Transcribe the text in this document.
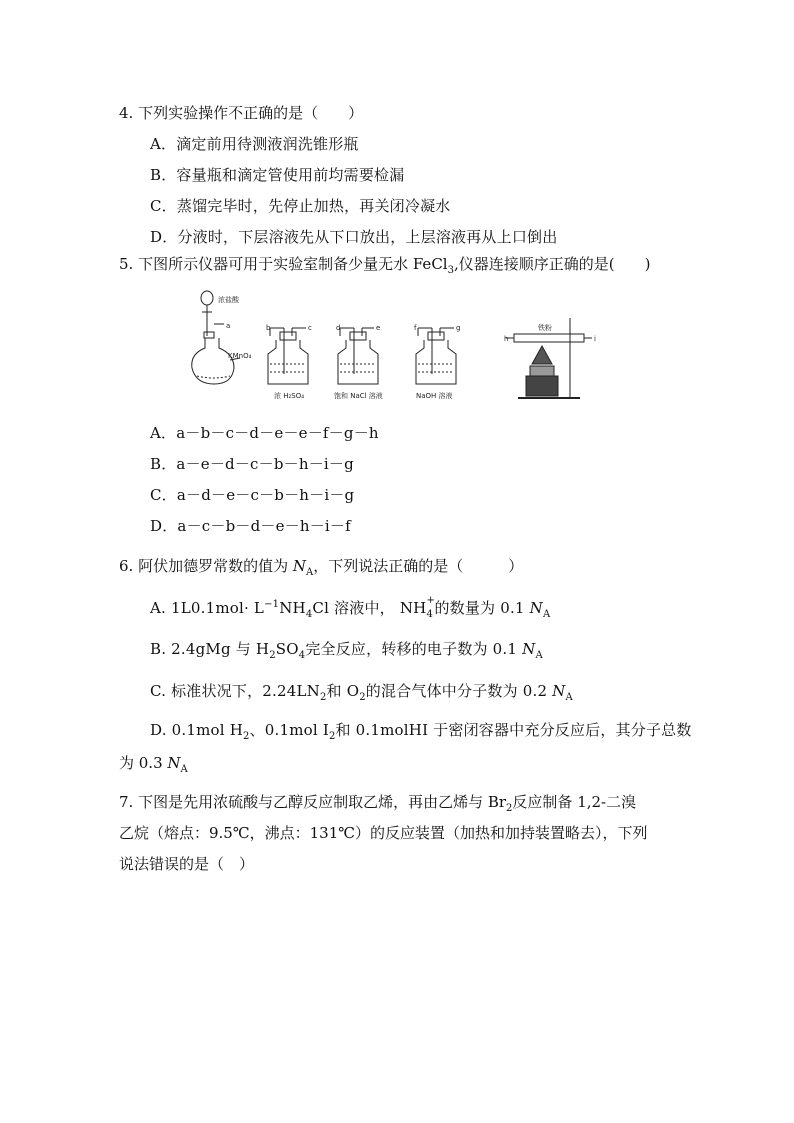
4. 下列实验操作不正确的是（　　）
A．滴定前用待测液润洗锥形瓶
B．容量瓶和滴定管使用前均需要检漏
C．蒸馏完毕时，先停止加热，再关闭冷凝水
D．分液时，下层溶液先从下口放出，上层溶液再从上口倒出
5. 下图所示仪器可用于实验室制备少量无水 FeCl$_3$,仪器连接顺序正确的是(　　)
浓盐酸
a
KMnO₄
b	c
浓 H₂SO₄
d	e
饱和 NaCl 溶液
f	g
NaOH 溶液
h	i
铁粉
A．a－b－c－d－e－e－f－g－h
B．a－e－d－c－b－h－i－g
C．a－d－e－c－b－h－i－g
D．a－c－b－d－e－h－i－f
6. 阿伏加德罗常数的值为 $N_A$，下列说法正确的是（　　　）
A. $1L0.1mol\cdot L^{-1}NH_4Cl$ 溶液中， NH +
4 的数量为 0.1 $N_A$
B. 2.4gMg 与 $H_2SO_4$完全反应，转移的电子数为 0.1 $N_A$
C. 标准状况下，$2.24LN_2$和 $O_2$的混合气体中分子数为 0.2 $N_A$
D. 0.1mol $H_2$、0.1mol $I_2$和 0.1molHI 于密闭容器中充分反应后，其分子总数
为 0.3 $N_A$
7. 下图是先用浓硫酸与乙醇反应制取乙烯，再由乙烯与 $Br_2$反应制备 1,2-二溴
乙烷（熔点：9.5℃，沸点：131℃）的反应装置（加热和加持装置略去），下列
说法错误的是（　）
